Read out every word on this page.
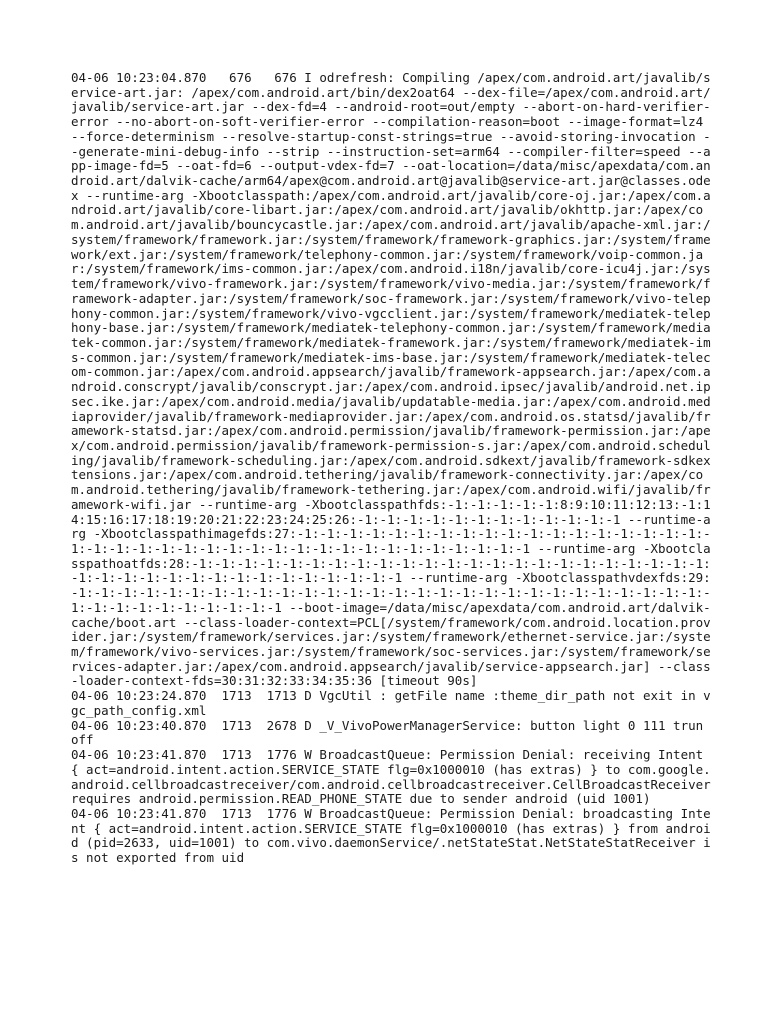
04-06 10:23:04.870   676   676 I odrefresh: Compiling /apex/com.android.art/javalib/service-art.jar: /apex/com.android.art/bin/dex2oat64 --dex-file=/apex/com.android.art/javalib/service-art.jar --dex-fd=4 --android-root=out/empty --abort-on-hard-verifier-error --no-abort-on-soft-verifier-error --compilation-reason=boot --image-format=lz4 --force-determinism --resolve-startup-const-strings=true --avoid-storing-invocation --generate-mini-debug-info --strip --instruction-set=arm64 --compiler-filter=speed --app-image-fd=5 --oat-fd=6 --output-vdex-fd=7 --oat-location=/data/misc/apexdata/com.android.art/dalvik-cache/arm64/apex@com.android.art@javalib@service-art.jar@classes.odex --runtime-arg -Xbootclasspath:/apex/com.android.art/javalib/core-oj.jar:/apex/com.android.art/javalib/core-libart.jar:/apex/com.android.art/javalib/okhttp.jar:/apex/com.android.art/javalib/bouncycastle.jar:/apex/com.android.art/javalib/apache-xml.jar:/system/framework/framework.jar:/system/framework/framework-graphics.jar:/system/framework/ext.jar:/system/framework/telephony-common.jar:/system/framework/voip-common.jar:/system/framework/ims-common.jar:/apex/com.android.i18n/javalib/core-icu4j.jar:/system/framework/vivo-framework.jar:/system/framework/vivo-media.jar:/system/framework/framework-adapter.jar:/system/framework/soc-framework.jar:/system/framework/vivo-telephony-common.jar:/system/framework/vivo-vgcclient.jar:/system/framework/mediatek-telephony-base.jar:/system/framework/mediatek-telephony-common.jar:/system/framework/mediatek-common.jar:/system/framework/mediatek-framework.jar:/system/framework/mediatek-ims-common.jar:/system/framework/mediatek-ims-base.jar:/system/framework/mediatek-telecom-common.jar:/apex/com.android.appsearch/javalib/framework-appsearch.jar:/apex/com.android.conscrypt/javalib/conscrypt.jar:/apex/com.android.ipsec/javalib/android.net.ipsec.ike.jar:/apex/com.android.media/javalib/updatable-media.jar:/apex/com.android.mediaprovider/javalib/framework-mediaprovider.jar:/apex/com.android.os.statsd/javalib/framework-statsd.jar:/apex/com.android.permission/javalib/framework-permission.jar:/apex/com.android.permission/javalib/framework-permission-s.jar:/apex/com.android.scheduling/javalib/framework-scheduling.jar:/apex/com.android.sdkext/javalib/framework-sdkextensions.jar:/apex/com.android.tethering/javalib/framework-connectivity.jar:/apex/com.android.tethering/javalib/framework-tethering.jar:/apex/com.android.wifi/javalib/framework-wifi.jar --runtime-arg -Xbootclasspathfds:-1:-1:-1:-1:-1:8:9:10:11:12:13:-1:14:15:16:17:18:19:20:21:22:23:24:25:26:-1:-1:-1:-1:-1:-1:-1:-1:-1:-1:-1:-1 --runtime-arg -Xbootclasspathimagefds:27:-1:-1:-1:-1:-1:-1:-1:-1:-1:-1:-1:-1:-1:-1:-1:-1:-1:-1:-1:-1:-1:-1:-1:-1:-1:-1:-1:-1:-1:-1:-1:-1:-1:-1:-1:-1:-1:-1:-1 --runtime-arg -Xbootclasspathoatfds:28:-1:-1:-1:-1:-1:-1:-1:-1:-1:-1:-1:-1:-1:-1:-1:-1:-1:-1:-1:-1:-1:-1:-1:-1:-1:-1:-1:-1:-1:-1:-1:-1:-1:-1:-1:-1:-1:-1 --runtime-arg -Xbootclasspathvdexfds:29:-1:-1:-1:-1:-1:-1:-1:-1:-1:-1:-1:-1:-1:-1:-1:-1:-1:-1:-1:-1:-1:-1:-1:-1:-1:-1:-1:-1:-1:-1:-1:-1:-1:-1:-1:-1:-1:-1 --boot-image=/data/misc/apexdata/com.android.art/dalvik-cache/boot.art --class-loader-context=PCL[/system/framework/com.android.location.provider.jar:/system/framework/services.jar:/system/framework/ethernet-service.jar:/system/framework/vivo-services.jar:/system/framework/soc-services.jar:/system/framework/services-adapter.jar:/apex/com.android.appsearch/javalib/service-appsearch.jar] --class-loader-context-fds=30:31:32:33:34:35:36 [timeout 90s]

04-06 10:23:24.870  1713  1713 D VgcUtil : getFile name :theme_dir_path not exit in vgc_path_config.xml

04-06 10:23:40.870  1713  2678 D _V_VivoPowerManagerService: button light 0 111 trun off

04-06 10:23:41.870  1713  1776 W BroadcastQueue: Permission Denial: receiving Intent { act=android.intent.action.SERVICE_STATE flg=0x1000010 (has extras) } to com.google.android.cellbroadcastreceiver/com.android.cellbroadcastreceiver.CellBroadcastReceiver requires android.permission.READ_PHONE_STATE due to sender android (uid 1001)

04-06 10:23:41.870  1713  1776 W BroadcastQueue: Permission Denial: broadcasting Intent { act=android.intent.action.SERVICE_STATE flg=0x1000010 (has extras) } from android (pid=2633, uid=1001) to com.vivo.daemonService/.netStateStat.NetStateStatReceiver is not exported from uid
